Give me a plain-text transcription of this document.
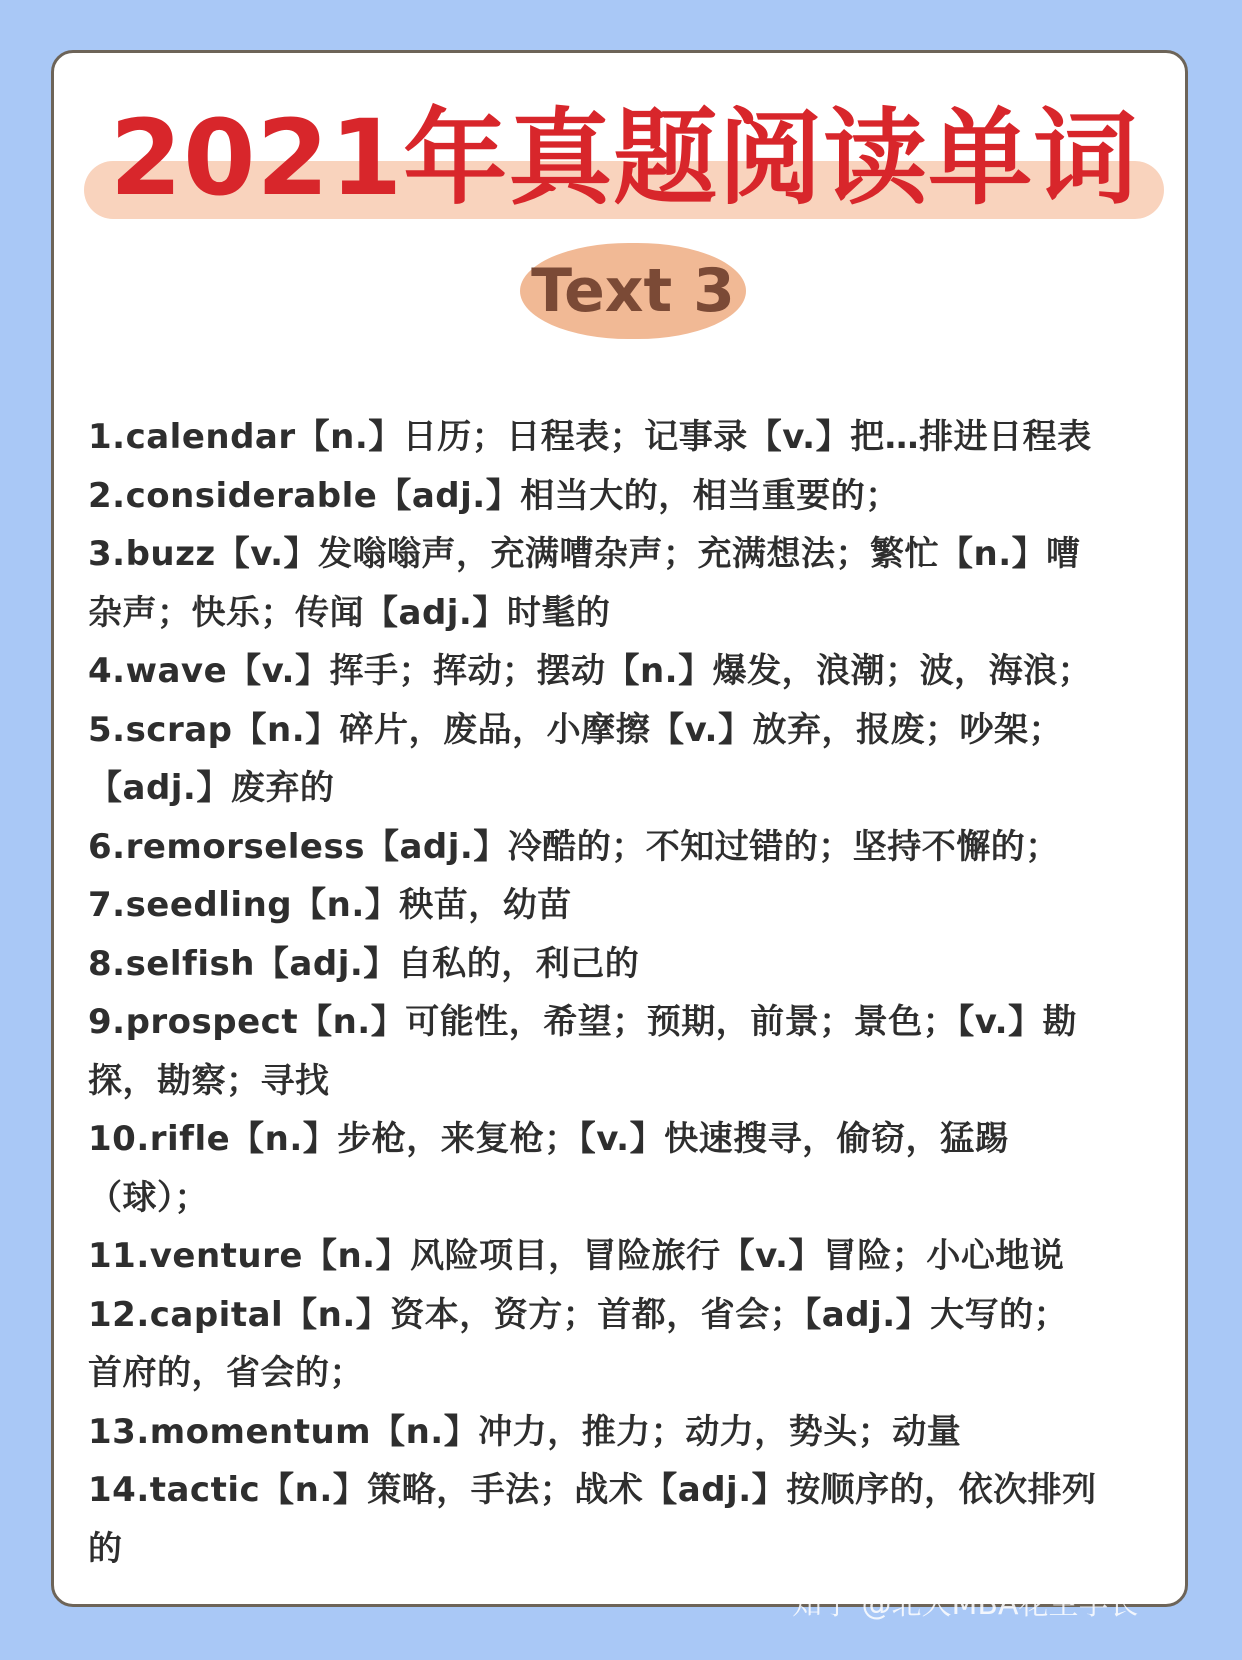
2021年真题阅读单词
Text 3
1.calendar【n.】日历；日程表；记事录【v.】把…排进日程表
2.considerable【adj.】相当大的，相当重要的；
3.buzz【v.】发嗡嗡声，充满嘈杂声；充满想法；繁忙【n.】嘈
杂声；快乐；传闻【adj.】时髦的
4.wave【v.】挥手；挥动；摆动【n.】爆发，浪潮；波，海浪；
5.scrap【n.】碎片，废品，小摩擦【v.】放弃，报废；吵架；
【adj.】废弃的
6.remorseless【adj.】冷酷的；不知过错的；坚持不懈的；
7.seedling【n.】秧苗，幼苗
8.selfish【adj.】自私的，利己的
9.prospect【n.】可能性，希望；预期，前景；景色；【v.】勘
探，勘察；寻找
10.rifle【n.】步枪，来复枪；【v.】快速搜寻，偷窃，猛踢
（球）；
11.venture【n.】风险项目，冒险旅行【v.】冒险；小心地说
12.capital【n.】资本，资方；首都，省会；【adj.】大写的；
首府的，省会的；
13.momentum【n.】冲力，推力；动力，势头；动量
14.tactic【n.】策略，手法；战术【adj.】按顺序的，依次排列
的
知乎 @北大MBA花生学长
